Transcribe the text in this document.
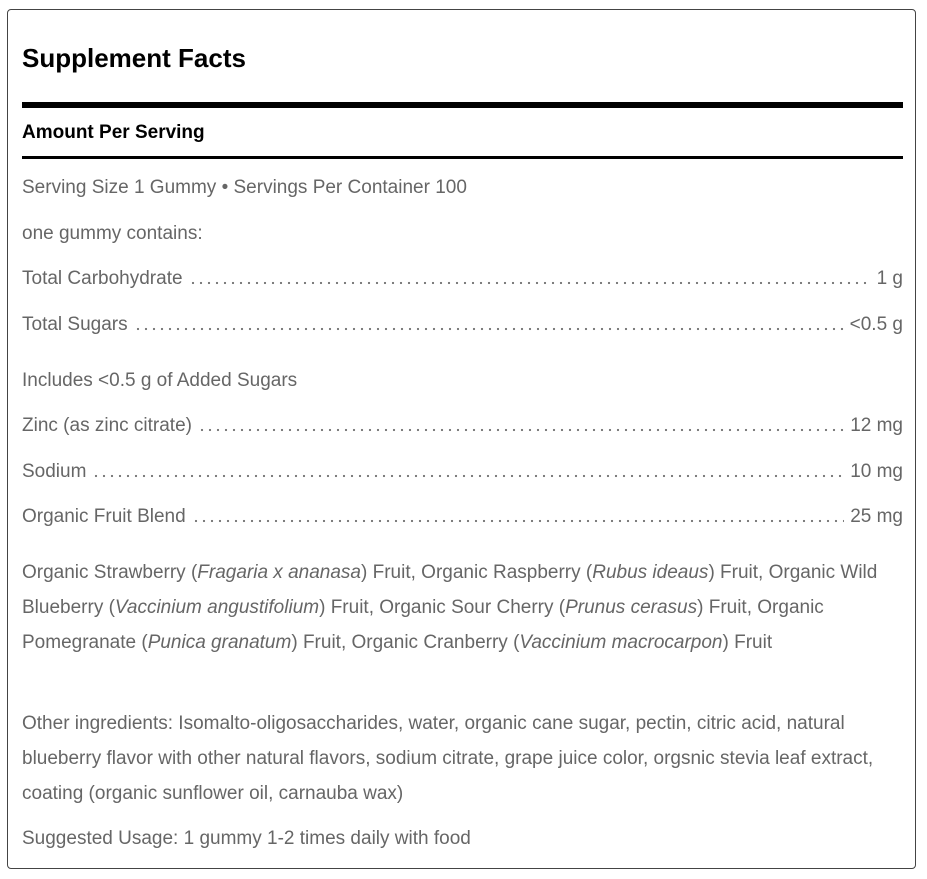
Supplement Facts
Amount Per Serving
Serving Size 1 Gummy • Servings Per Container 100
one gummy contains:
Total Carbohydrate	1 g
Total Sugars	<0.5 g
Includes <0.5 g of Added Sugars
Zinc (as zinc citrate)	12 mg
Sodium	10 mg
Organic Fruit Blend	25 mg
Organic Strawberry (Fragaria x ananasa) Fruit, Organic Raspberry (Rubus ideaus) Fruit, Organic Wild Blueberry (Vaccinium angustifolium) Fruit, Organic Sour Cherry (Prunus cerasus) Fruit, Organic Pomegranate (Punica granatum) Fruit, Organic Cranberry (Vaccinium macrocarpon) Fruit
Other ingredients: Isomalto-oligosaccharides, water, organic cane sugar, pectin, citric acid, natural blueberry flavor with other natural flavors, sodium citrate, grape juice color, orgsnic stevia leaf extract, coating (organic sunflower oil, carnauba wax)
Suggested Usage: 1 gummy 1-2 times daily with food
